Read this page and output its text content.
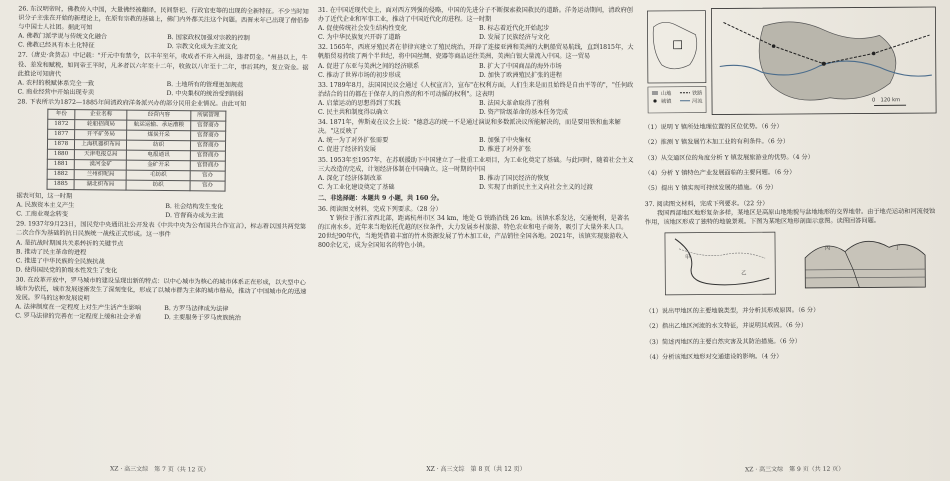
26. 东汉明帝时，佛教传入中国，大量佛经被翻译，民间祭祀、行政官吏等的出现的全新特征。不少当时知识分子主张在开始的新理论上，在原有宗教的基础上，佛门内外都关注这个问题。西晋末年已出现了僧侣参与中国士人社团。据此可知

A. 佛教门派学说与传统文化融合	B. 国家政权加强对宗教的控制
C. 佛教已经具有本土化特征	D. 宗教文化成为主流文化

27.（唐史·食货志）中记载："开元中有禁令，以丰年至年，收成者不许入州县，违者罚金。"州县以上，牛役、差发和赋税，如同帝王平时，凡多者以六年至十二年，收敛以八年至十二年，事后其约，复立资金。据此推论可知唐代

A. 农村的税赋体系完全一致	B. 土地所有的管理更加规范
C. 商业经营中开始出现专卖	D. 中央集权的统治受到削弱

28. 下表所示为1872—1885年间清政府洋务派兴办的部分民用企业情况。由此可知

年份	企业名称	经营内容	所属管理
1872	轮船招商局	航运运输、承运漕粮	官督商办
1877	开平矿务局	煤炭开采	官督商办
1878	上海机器织布局	纺织	官督商办
1880	天津电报总局	电报通讯	官督商办
1881	漠河金矿	金矿开采	官督商办
1882	兰州织呢局	毛纺织	官办
1885	湖北织布局	纺织	官办

据表可知，这一时期

A. 民族资本主义产生	B. 社会结构发生变化
C. 工商业观念转变	D. 官督商办成为主流

29. 1937年9月23日，国民党中央通讯社公开发表《中共中央为公布国共合作宣言》，标志着以国共两党第二次合作为基础的抗日民族统一战线正式形成。这一事件

A. 是抗战时期国共关系转折的关键节点
B. 推动了民主革命的进程
C. 推进了中华民族的全民族抗战
D. 使得国民党的阶级本性发生了变化

30. 在改革开放中，罗马城市的建设呈现出新的特点：以中心城市为核心的城市体系正在形成，以大型中心城市为依托，城市发展逐渐发生了深刻变化，形成了以城市群为主体的城市格局，推动了中国城市化的迅速发展。罗马的这种发展说明

A. 法律制度在一定程度上对生产生活产生影响	B. 方罗马法律成为法律
C. 罗马法律的完善在一定程度上缓和社会矛盾	D. 主要服务于罗马贵族统治
XZ · 高三文综　第 7 页（共 12 页）

31. 在中国近现代史上，面对西方列强的侵略，中国的先进分子不断探索救国救民的道路。洋务运动期间，清政府创办了近代企业和军事工业，推动了中国近代化的进程。这一时期

A. 促使传统社会发生结构性变化	B. 标志着近代化开始起步
C. 为中华民族复兴开辟了道路	D. 发展了民族经济与文化

32. 1565年，西班牙殖民者在菲律宾建立了殖民统治，开辟了连接亚洲和美洲的大帆船贸易航线，直到1815年，大帆船贸易持续了两个半世纪，将中国丝绸、瓷器等商品运往美洲，美洲白银大量流入中国。这一贸易

A. 促进了东亚与美洲之间的经济联系	B. 扩大了中国商品的海外市场
C. 推动了世界市场的初步形成	D. 加快了欧洲殖民扩张的进程

33. 1789年8月，法国国民议会通过《人权宣言》，宣布"在权利方面，人们生来是而且始终是自由平等的"，"任何政治结合的目的都在于保存人的自然的和不可动摇的权利"。这表明

A. 启蒙运动的思想得到了实践	B. 法国大革命取得了胜利
C. 民主共和制度得以确立	D. 资产阶级革命的基本任务完成

34. 1871年，俾斯麦在议会上说："德意志的统一不是通过演说和多数派决议所能解决的，而是要用铁和血来解决。"这反映了

A. 统一为了对外扩张需要	B. 加强了中央集权
C. 促进了经济的发展	D. 推进了对外扩张

35. 1953年至1957年，在苏联援助下中国建立了一批重工业项目，为工业化奠定了基础。与此同时，随着社会主义三大改造的完成，计划经济体制在中国确立。这一时期的中国

A. 深化了经济体制改革	B. 推动了国民经济的恢复
C. 为工业化建设奠定了基础	D. 实现了由新民主主义向社会主义的过渡
二、非选择题：本题共 9 小题，共 160 分。

36. 阅读图文材料，完成下列要求。（28 分）

Y 镇位于浙江省西北部，距离杭州市区 34 km，地处 G 铁路沿线 26 km。该镇水系发达，交通便利，是著名的江南水乡。近年来当地依托优越的区位条件，大力发展乡村旅游、特色农业和电子商务，吸引了大量外来人口。20世纪90年代，当地凭借着丰富的竹木资源发展了竹木加工业，产品销往全国各地。2021年，该镇实现旅游收入800余亿元，成为全国知名的特色小镇。

XZ · 高三文综　第 8 页（共 12 页）
山地
城镇
铁路
河流	0　120 km

（1）说明 Y 镇所处地理位置的区位优势。（6 分）

（2）推测 Y 镇发展竹木加工业的有利条件。（6 分）

（3）从交通区位的角度分析 Y 镇发展旅游业的优势。（4 分）

（4）分析 Y 镇特色产业发展面临的主要问题。（6 分）

（5）提出 Y 镇实现可持续发展的措施。（6 分）

37. 阅读图文材料，完成下列要求。（22 分）

我国西部地区地形复杂多样，某地区是高原山地地貌与盆地地形的交界地带。由于地壳运动和河流侵蚀作用，该地区形成了独特的地貌景观。下图为某地区地形剖面示意图。读图回答问题。

甲
乙
丙	丁

（1）说出甲地区的主要地貌类型，并分析其形成原因。（6 分）

（2）指出乙地区河流的水文特征，并说明其成因。（6 分）

（3）简述丙地区的主要自然灾害及其防治措施。（6 分）

（4）分析该地区地形对交通建设的影响。（4 分）

XZ · 高三文综　第 9 页（共 12 页）
